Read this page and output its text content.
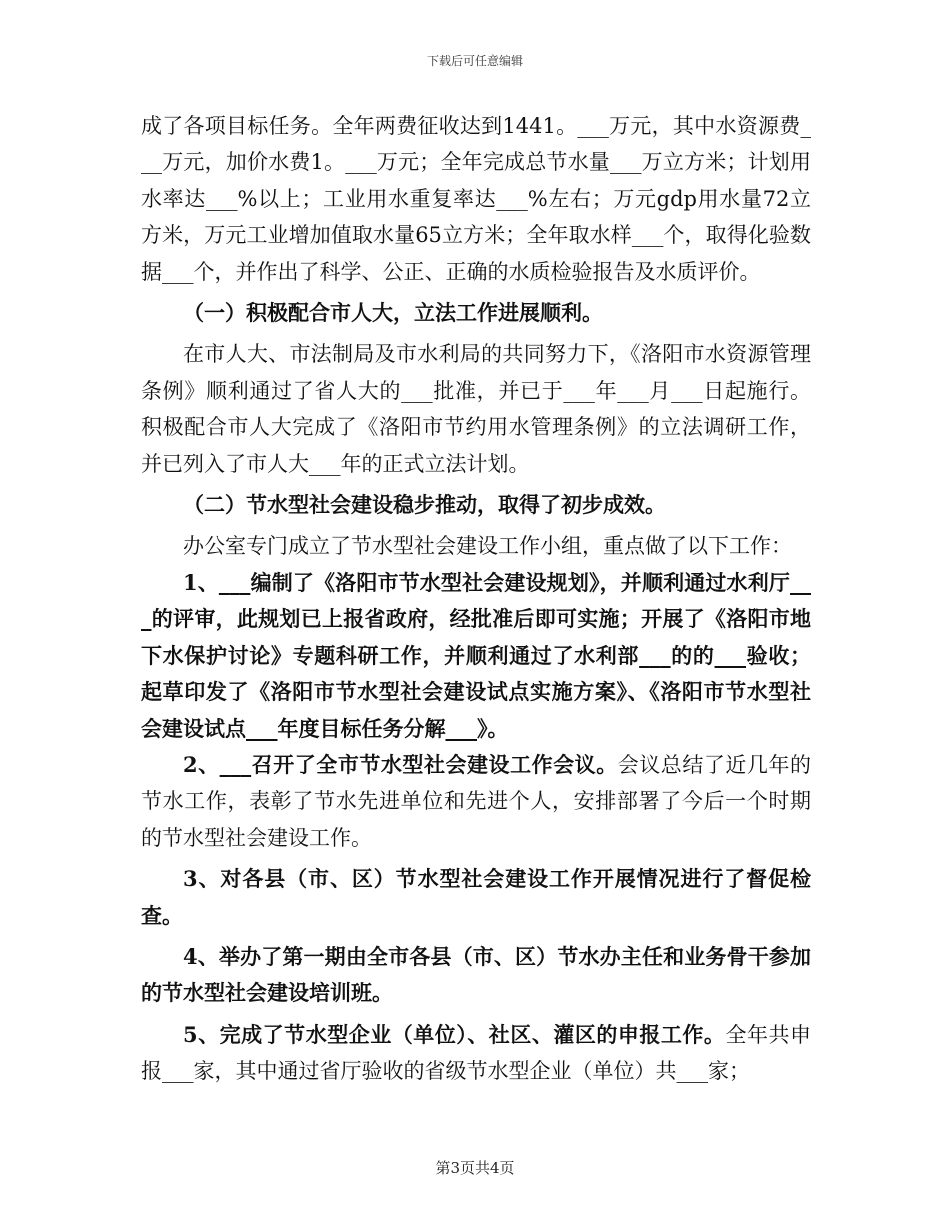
下载后可任意编辑

成了各项目标任务。全年两费征收达到1441。___万元，其中水资源费___万元，加价水费1。___万元；全年完成总节水量___万立方米；计划用水率达___%以上；工业用水重复率达___%左右；万元gdp用水量72立方米，万元工业增加值取水量65立方米；全年取水样___个，取得化验数据___个，并作出了科学、公正、正确的水质检验报告及水质评价。

（一）积极配合市人大，立法工作进展顺利。

在市人大、市法制局及市水利局的共同努力下，《洛阳市水资源管理条例》顺利通过了省人大的___批准，并已于___年___月___日起施行。积极配合市人大完成了《洛阳市节约用水管理条例》的立法调研工作，并已列入了市人大___年的正式立法计划。

（二）节水型社会建设稳步推动，取得了初步成效。

办公室专门成立了节水型社会建设工作小组，重点做了以下工作：

1、___编制了《洛阳市节水型社会建设规划》，并顺利通过水利厅___的评审，此规划已上报省政府，经批准后即可实施；开展了《洛阳市地下水保护讨论》专题科研工作，并顺利通过了水利部___的的___验收；起草印发了《洛阳市节水型社会建设试点实施方案》、《洛阳市节水型社会建设试点___年度目标任务分解___》。

2、___召开了全市节水型社会建设工作会议。会议总结了近几年的节水工作，表彰了节水先进单位和先进个人，安排部署了今后一个时期的节水型社会建设工作。

3、对各县（市、区）节水型社会建设工作开展情况进行了督促检查。

4、举办了第一期由全市各县（市、区）节水办主任和业务骨干参加的节水型社会建设培训班。

5、完成了节水型企业（单位）、社区、灌区的申报工作。全年共申报___家，其中通过省厅验收的省级节水型企业（单位）共___家；

第3页共4页
